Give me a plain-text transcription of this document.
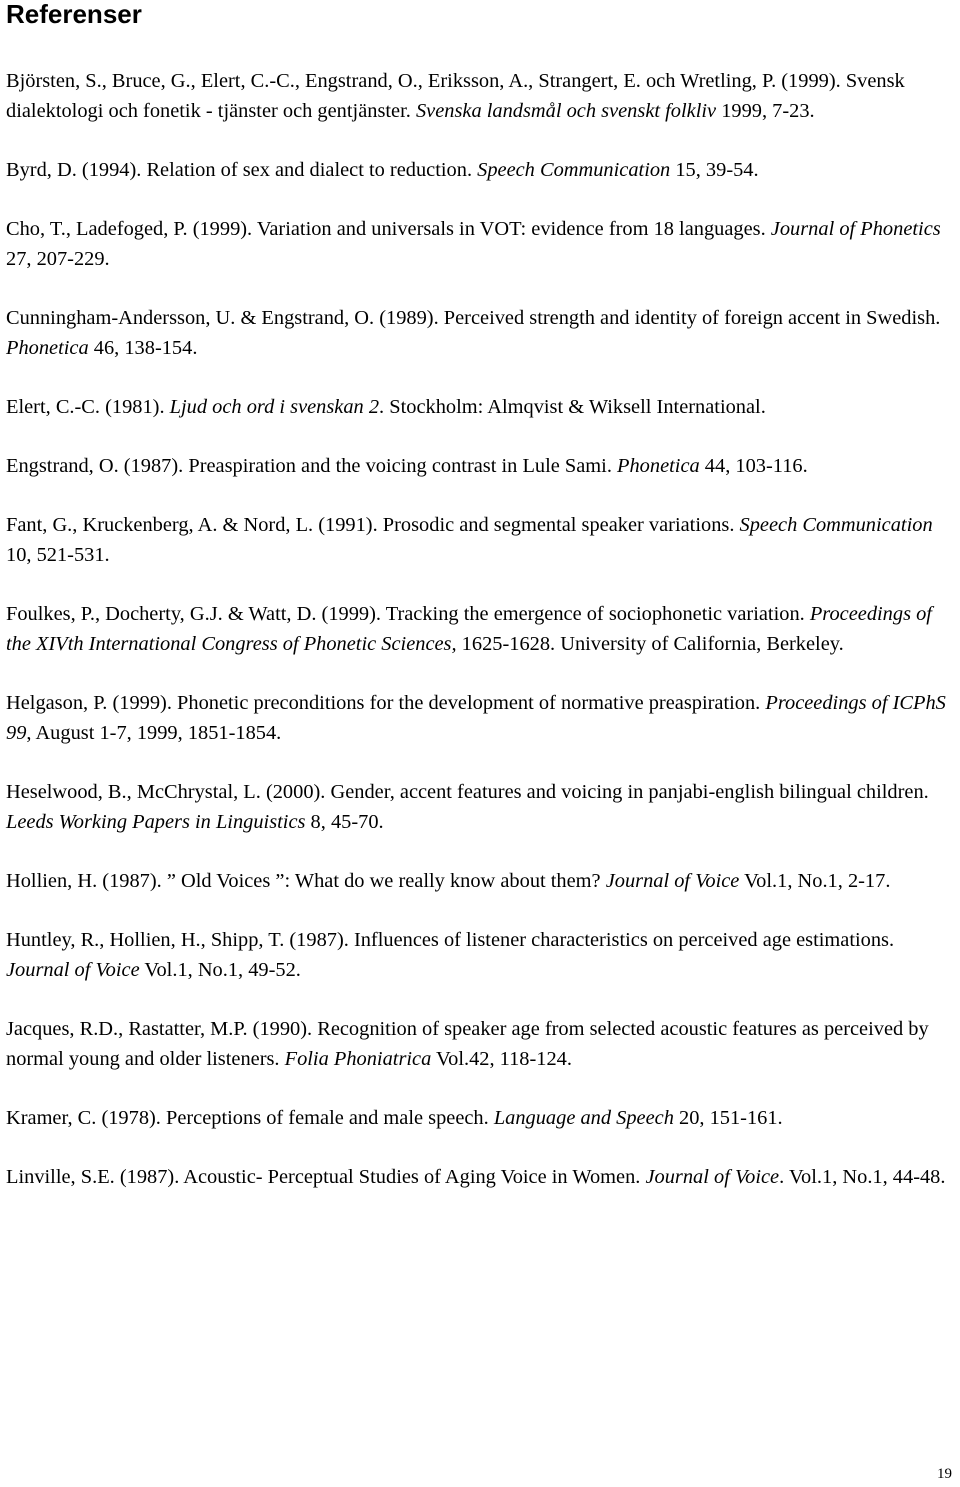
Referenser
Björsten, S., Bruce, G., Elert, C.-C., Engstrand, O., Eriksson, A., Strangert, E. och Wretling, P. (1999). Svensk dialektologi och fonetik - tjänster och gentjänster. Svenska landsmål och svenskt folkliv 1999, 7-23.
Byrd, D. (1994). Relation of sex and dialect to reduction. Speech Communication 15, 39-54.
Cho, T., Ladefoged, P. (1999). Variation and universals in VOT: evidence from 18 languages. Journal of Phonetics 27, 207-229.
Cunningham-Andersson, U. & Engstrand, O. (1989). Perceived strength and identity of foreign accent in Swedish. Phonetica 46, 138-154.
Elert, C.-C. (1981). Ljud och ord i svenskan 2. Stockholm: Almqvist & Wiksell International.
Engstrand, O. (1987). Preaspiration and the voicing contrast in Lule Sami. Phonetica 44, 103-116.
Fant, G., Kruckenberg, A. & Nord, L. (1991). Prosodic and segmental speaker variations. Speech Communication 10, 521-531.
Foulkes, P., Docherty, G.J. & Watt, D. (1999). Tracking the emergence of sociophonetic variation. Proceedings of the XIVth International Congress of Phonetic Sciences, 1625-1628. University of California, Berkeley.
Helgason, P. (1999). Phonetic preconditions for the development of normative preaspiration. Proceedings of ICPhS 99, August 1-7, 1999, 1851-1854.
Heselwood, B., McChrystal, L. (2000). Gender, accent features and voicing in panjabi-english bilingual children. Leeds Working Papers in Linguistics 8, 45-70.
Hollien, H. (1987). ” Old Voices ”: What do we really know about them? Journal of Voice Vol.1, No.1, 2-17.
Huntley, R., Hollien, H., Shipp, T. (1987). Influences of listener characteristics on perceived age estimations. Journal of Voice Vol.1, No.1, 49-52.
Jacques, R.D., Rastatter, M.P. (1990). Recognition of speaker age from selected acoustic features as perceived by normal young and older listeners. Folia Phoniatrica Vol.42, 118-124.
Kramer, C. (1978). Perceptions of female and male speech. Language and Speech 20, 151-161.
Linville, S.E. (1987). Acoustic- Perceptual Studies of Aging Voice in Women. Journal of Voice. Vol.1, No.1, 44-48.
19
